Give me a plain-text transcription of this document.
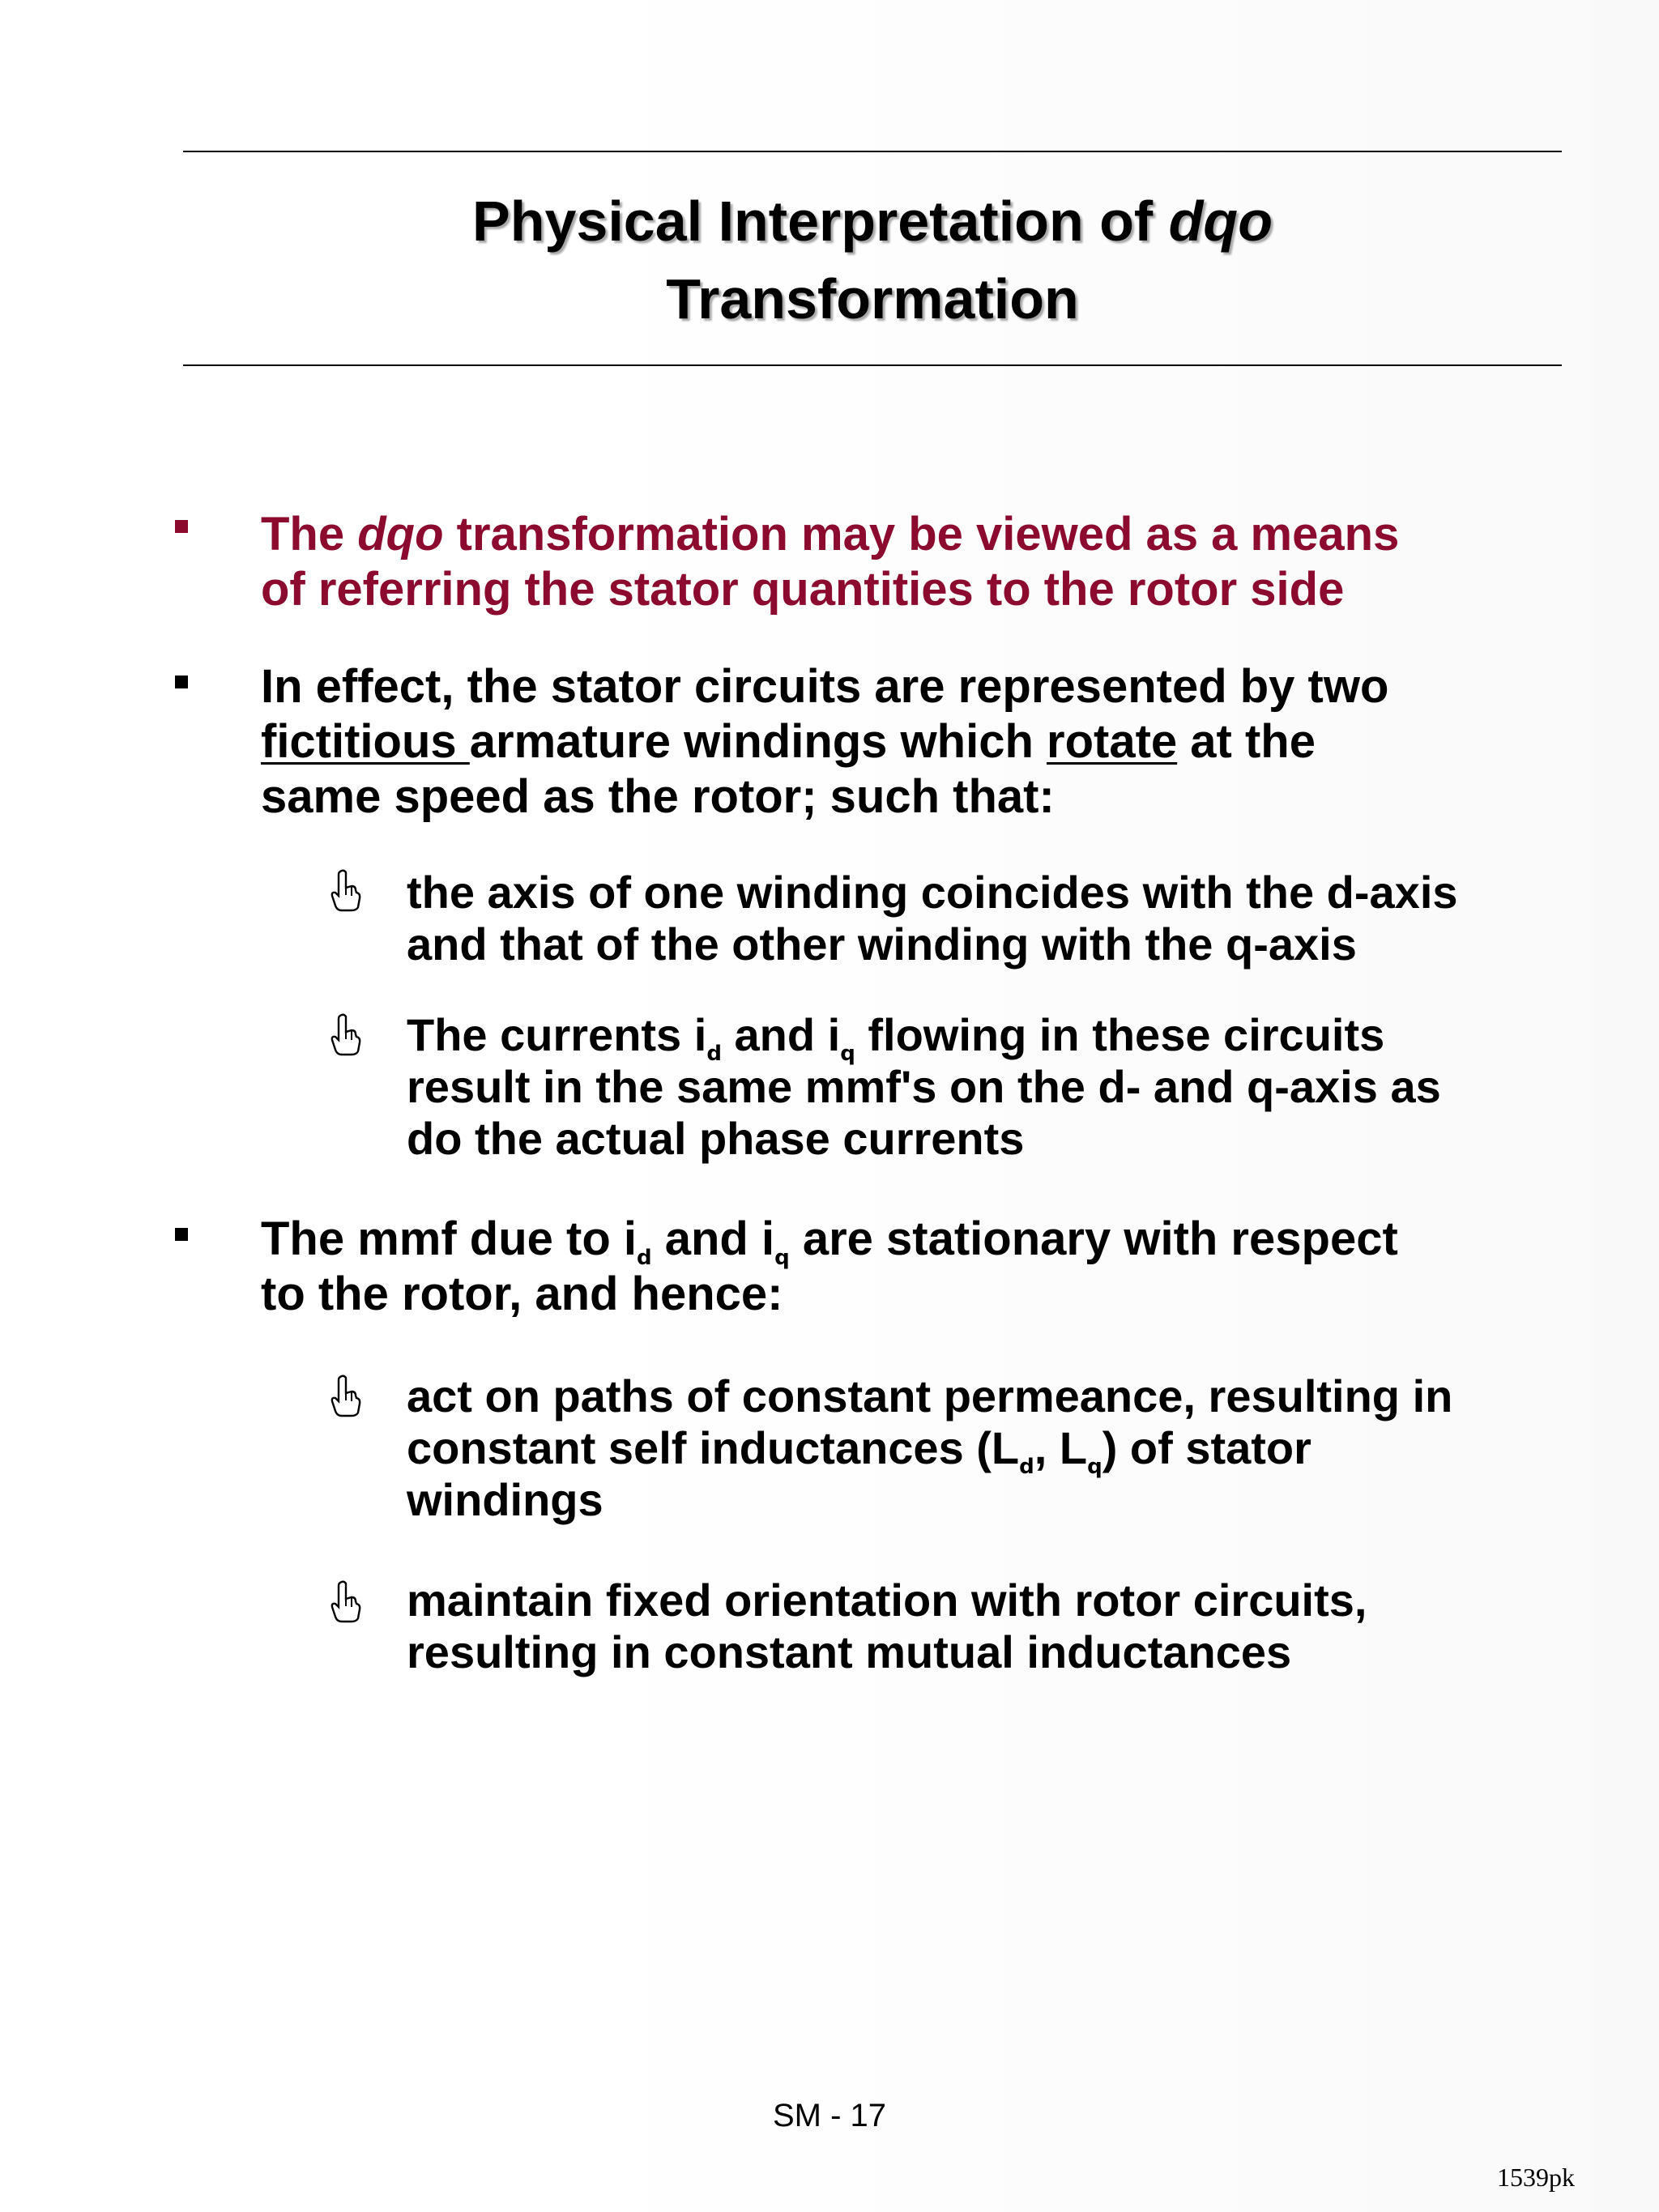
Physical Interpretation of dqo
Transformation
The dqo transformation may be viewed as a means
of referring the stator quantities to the rotor side
In effect, the stator circuits are represented by two
fictitious armature windings which rotate at the
same speed as the rotor; such that:
the axis of one winding coincides with the d-axis
and that of the other winding with the q-axis
The currents $i_d$ and $i_q$ flowing in these circuits
result in the same mmf's on the d- and q-axis as
do the actual phase currents
The mmf due to $i_d$ and $i_q$ are stationary with respect
to the rotor, and hence:
act on paths of constant permeance, resulting in
constant self inductances ($L_d$, $L_q$) of stator
windings
maintain fixed orientation with rotor circuits,
resulting in constant mutual inductances
SM - 17
1539pk
